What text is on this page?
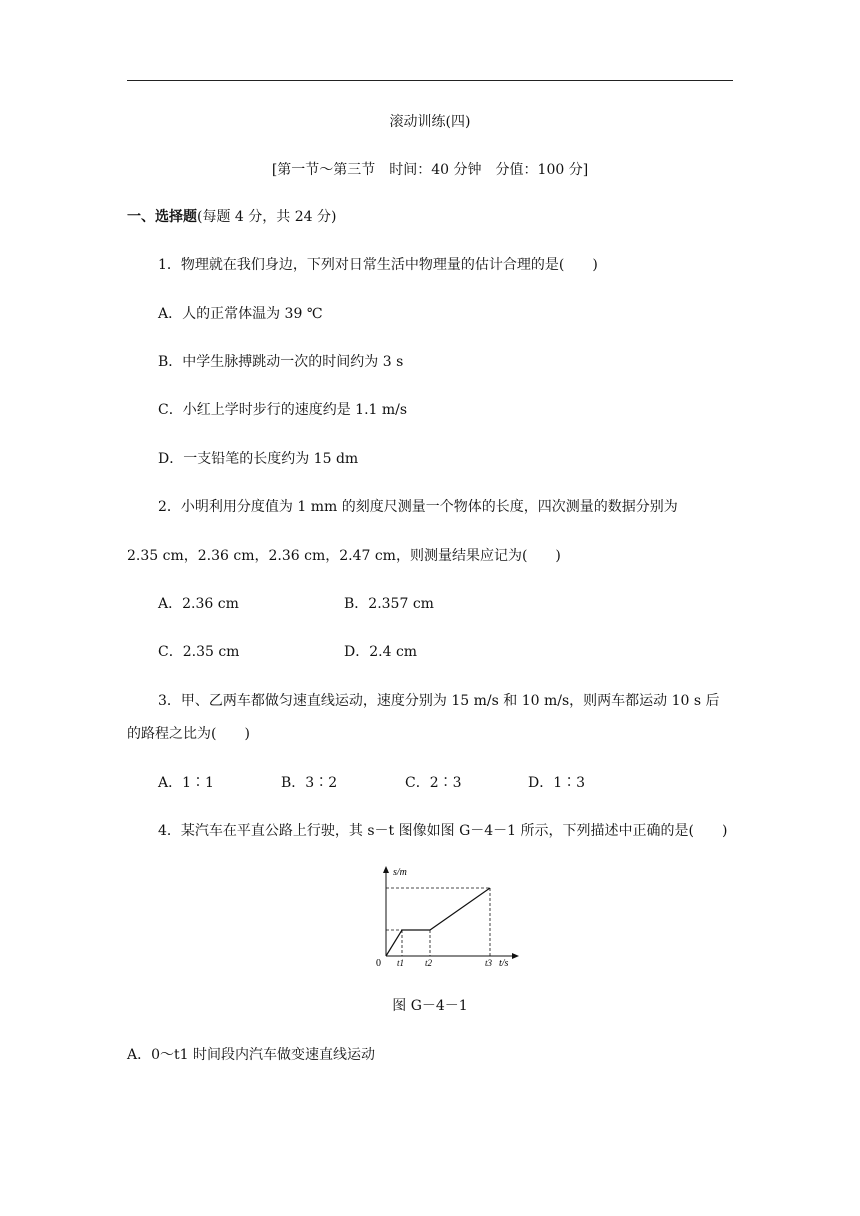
滚动训练(四)
[第一节～第三节　时间：40 分钟　分值：100 分]
一、选择题(每题 4 分，共 24 分)
1．物理就在我们身边，下列对日常生活中物理量的估计合理的是(　　)
A．人的正常体温为 39 ℃
B．中学生脉搏跳动一次的时间约为 3 s
C．小红上学时步行的速度约是 1.1 m/s
D．一支铅笔的长度约为 15 dm
2．小明利用分度值为 1 mm 的刻度尺测量一个物体的长度，四次测量的数据分别为
2.35 cm，2.36 cm，2.36 cm，2.47 cm，则测量结果应记为(　　)
A．2.36 cm	B．2.357 cm
C．2.35 cm	D．2.4 cm
3．甲、乙两车都做匀速直线运动，速度分别为 15 m/s 和 10 m/s，则两车都运动 10 s 后
的路程之比为(　　)
A．1∶1	B．3∶2	C．2∶3	D．1∶3
4．某汽车在平直公路上行驶，其 s－t 图像如图 G－4－1 所示，下列描述中正确的是(　　)
s/m
0 t1 t2	t3 t/s
图 G－4－1
A．0～t1 时间段内汽车做变速直线运动
